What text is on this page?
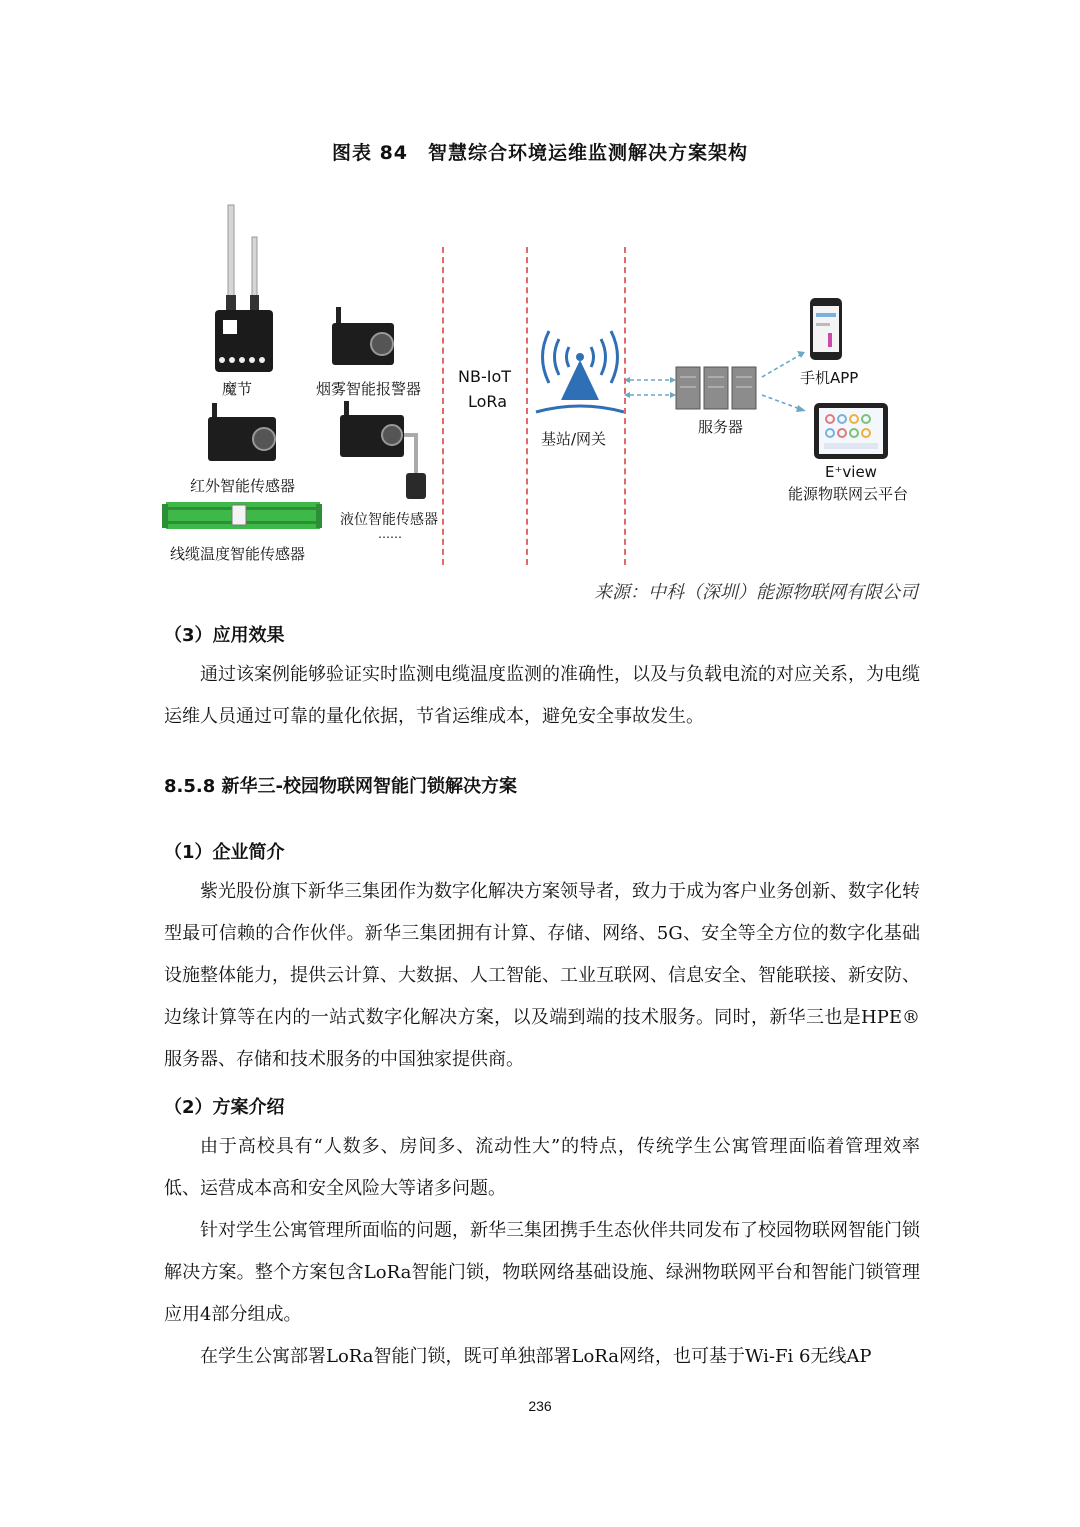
图表 84　智慧综合环境运维监测解决方案架构
魔节	烟雾智能报警器
红外智能传感器
液位智能传感器
……
线缆温度智能传感器
NB-IoT
LoRa
基站/网关
服务器
手机APP
E⁺view
能源物联网云平台
来源：中科（深圳）能源物联网有限公司
（3）应用效果

通过该案例能够验证实时监测电缆温度监测的准确性，以及与负载电流的对应关系，为电缆运维人员通过可靠的量化依据，节省运维成本，避免安全事故发生。

8.5.8 新华三-校园物联网智能门锁解决方案
（1）企业简介

紫光股份旗下新华三集团作为数字化解决方案领导者，致力于成为客户业务创新、数字化转型最可信赖的合作伙伴。新华三集团拥有计算、存储、网络、5G、安全等全方位的数字化基础设施整体能力，提供云计算、大数据、人工智能、工业互联网、信息安全、智能联接、新安防、边缘计算等在内的一站式数字化解决方案，以及端到端的技术服务。同时，新华三也是HPE®服务器、存储和技术服务的中国独家提供商。

（2）方案介绍

由于高校具有“人数多、房间多、流动性大”的特点，传统学生公寓管理面临着管理效率低、运营成本高和安全风险大等诸多问题。

针对学生公寓管理所面临的问题，新华三集团携手生态伙伴共同发布了校园物联网智能门锁解决方案。整个方案包含LoRa智能门锁，物联网络基础设施、绿洲物联网平台和智能门锁管理应用4部分组成。

在学生公寓部署LoRa智能门锁，既可单独部署LoRa网络，也可基于Wi-Fi 6无线AP

236
